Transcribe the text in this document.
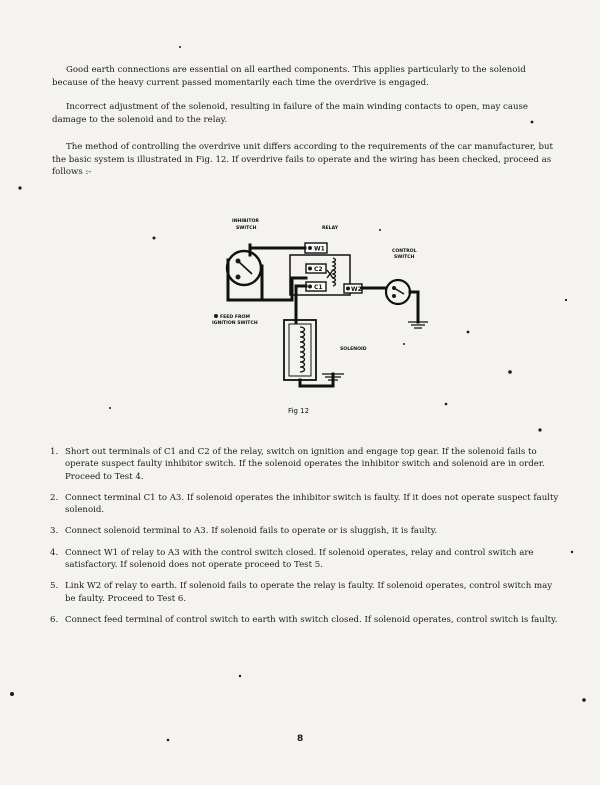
Good earth connections are essential on all earthed components. This applies particularly to the solenoid because of the heavy current passed momentarily each time the overdrive is engaged.

Incorrect adjustment of the solenoid, resulting in failure of the main winding contacts to open, may cause damage to the solenoid and to the relay.

The method of controlling the overdrive unit differs according to the requirements of the car manufacturer, but the basic system is illustrated in Fig. 12. If overdrive fails to operate and the wiring has been checked, proceed as follows :-

INHIBITOR
SWITCH
W1
C2
C1	W2
RELAY
CONTROL
SWITCH
SOLENOID
FEED FROM
IGNITION SWITCH
Fig 12
1. Short out terminals of C1 and C2 of the relay, switch on ignition and engage top gear. If the solenoid fails to operate suspect faulty inhibitor switch. If the solenoid operates the inhibitor switch and solenoid are in order. Proceed to Test 4.
2. Connect terminal C1 to A3. If solenoid operates the inhibitor switch is faulty. If it does not operate suspect faulty solenoid.
3. Connect solenoid terminal to A3. If solenoid fails to operate or is sluggish, it is faulty.
4. Connect W1 of relay to A3 with the control switch closed. If solenoid operates, relay and control switch are satisfactory. If solenoid does not operate proceed to Test 5.
5. Link W2 of relay to earth. If solenoid fails to operate the relay is faulty. If solenoid operates, control switch may be faulty. Proceed to Test 6.
6. Connect feed terminal of control switch to earth with switch closed. If solenoid operates, control switch is faulty.
8
